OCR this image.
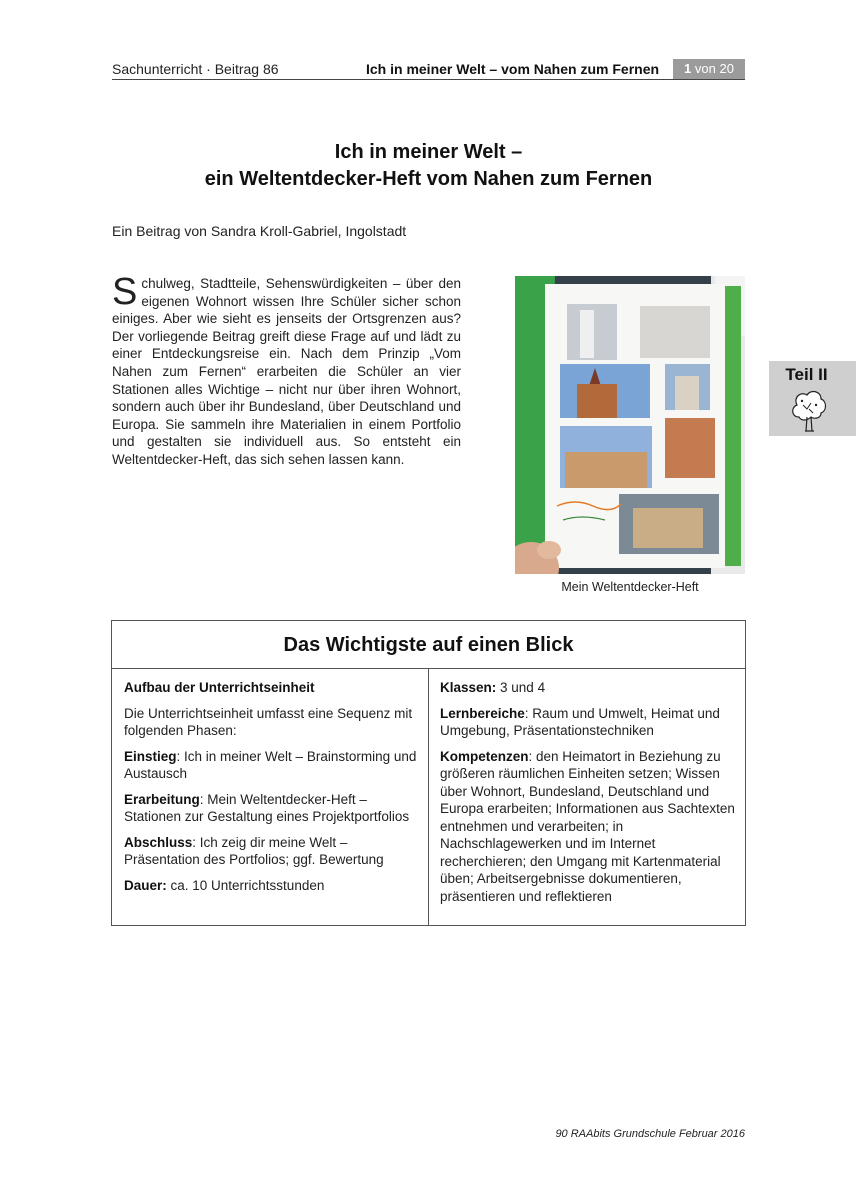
Sachunterricht · Beitrag 86	Ich in meiner Welt – vom Nahen zum Fernen	1 von 20
Ich in meiner Welt –
ein Weltentdecker-Heft vom Nahen zum Fernen
Ein Beitrag von Sandra Kroll-Gabriel, Ingolstadt
Schulweg, Stadtteile, Sehenswürdigkeiten – über den eigenen Wohnort wissen Ihre Schüler sicher schon einiges. Aber wie sieht es jenseits der Ortsgrenzen aus? Der vorliegende Beitrag greift diese Frage auf und lädt zu einer Entdeckungsreise ein. Nach dem Prinzip „Vom Nahen zum Fernen“ erarbeiten die Schüler an vier Stationen alles Wichtige – nicht nur über ihren Wohnort, sondern auch über ihr Bundesland, über Deutschland und Europa. Sie sammeln ihre Materialien in einem Portfolio und gestalten sie individuell aus. So entsteht ein Weltentdecker-Heft, das sich sehen lassen kann.
Mein Weltentdecker-Heft
Teil II
Das Wichtigste auf einen Blick

Aufbau der Unterrichtseinheit

Die Unterrichtseinheit umfasst eine Sequenz mit folgenden Phasen:

Einstieg: Ich in meiner Welt – Brainstorming und Austausch

Erarbeitung: Mein Weltentdecker-Heft – Stationen zur Gestaltung eines Projektportfolios

Abschluss: Ich zeig dir meine Welt – Präsentation des Portfolios; ggf. Bewertung

Dauer: ca. 10 Unterrichtsstunden

Klassen: 3 und 4

Lernbereiche: Raum und Umwelt, Heimat und Umgebung, Präsentationstechniken

Kompetenzen: den Heimatort in Beziehung zu größeren räumlichen Einheiten setzen; Wissen über Wohnort, Bundesland, Deutschland und Europa erarbeiten; Informationen aus Sachtexten entnehmen und verarbeiten; in Nachschlagewerken und im Internet recherchieren; den Umgang mit Kartenmaterial üben; Arbeitsergebnisse dokumentieren, präsentieren und reflektieren

90 RAAbits Grundschule Februar 2016
